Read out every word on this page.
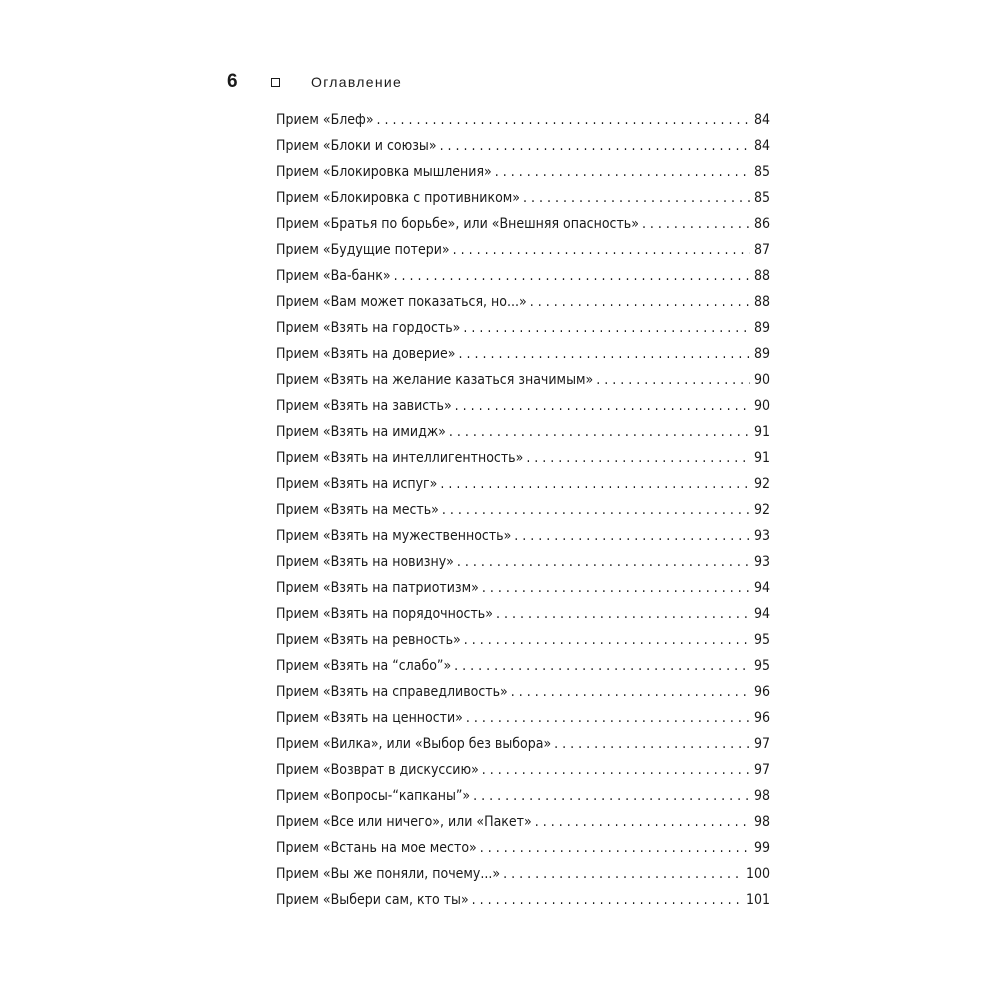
6	Оглавление
Прием «Блеф» . . .	84
Прием «Блоки и союзы» . . .	84
Прием «Блокировка мышления» . . .	85
Прием «Блокировка с противником» . . .	85
Прием «Братья по борьбе», или «Внешняя опасность» . . .	86
Прием «Будущие потери» . . .	87
Прием «Ва-банк» . . .	88
Прием «Вам может показаться, но...» . . .	88
Прием «Взять на гордость» . . .	89
Прием «Взять на доверие» . . .	89
Прием «Взять на желание казаться значимым» . . .	90
Прием «Взять на зависть» . . .	90
Прием «Взять на имидж» . . .	91
Прием «Взять на интеллигентность» . . .	91
Прием «Взять на испуг» . . .	92
Прием «Взять на месть» . . .	92
Прием «Взять на мужественность» . . .	93
Прием «Взять на новизну» . . .	93
Прием «Взять на патриотизм» . . .	94
Прием «Взять на порядочность» . . .	94
Прием «Взять на ревность» . . .	95
Прием «Взять на “слабо”» . . .	95
Прием «Взять на справедливость» . . .	96
Прием «Взять на ценности» . . .	96
Прием «Вилка», или «Выбор без выбора» . . .	97
Прием «Возврат в дискуссию» . . .	97
Прием «Вопросы-“капканы”» . . .	98
Прием «Все или ничего», или «Пакет» . . .	98
Прием «Встань на мое место» . . .	99
Прием «Вы же поняли, почему...» . . .	100
Прием «Выбери сам, кто ты» . . .	101
